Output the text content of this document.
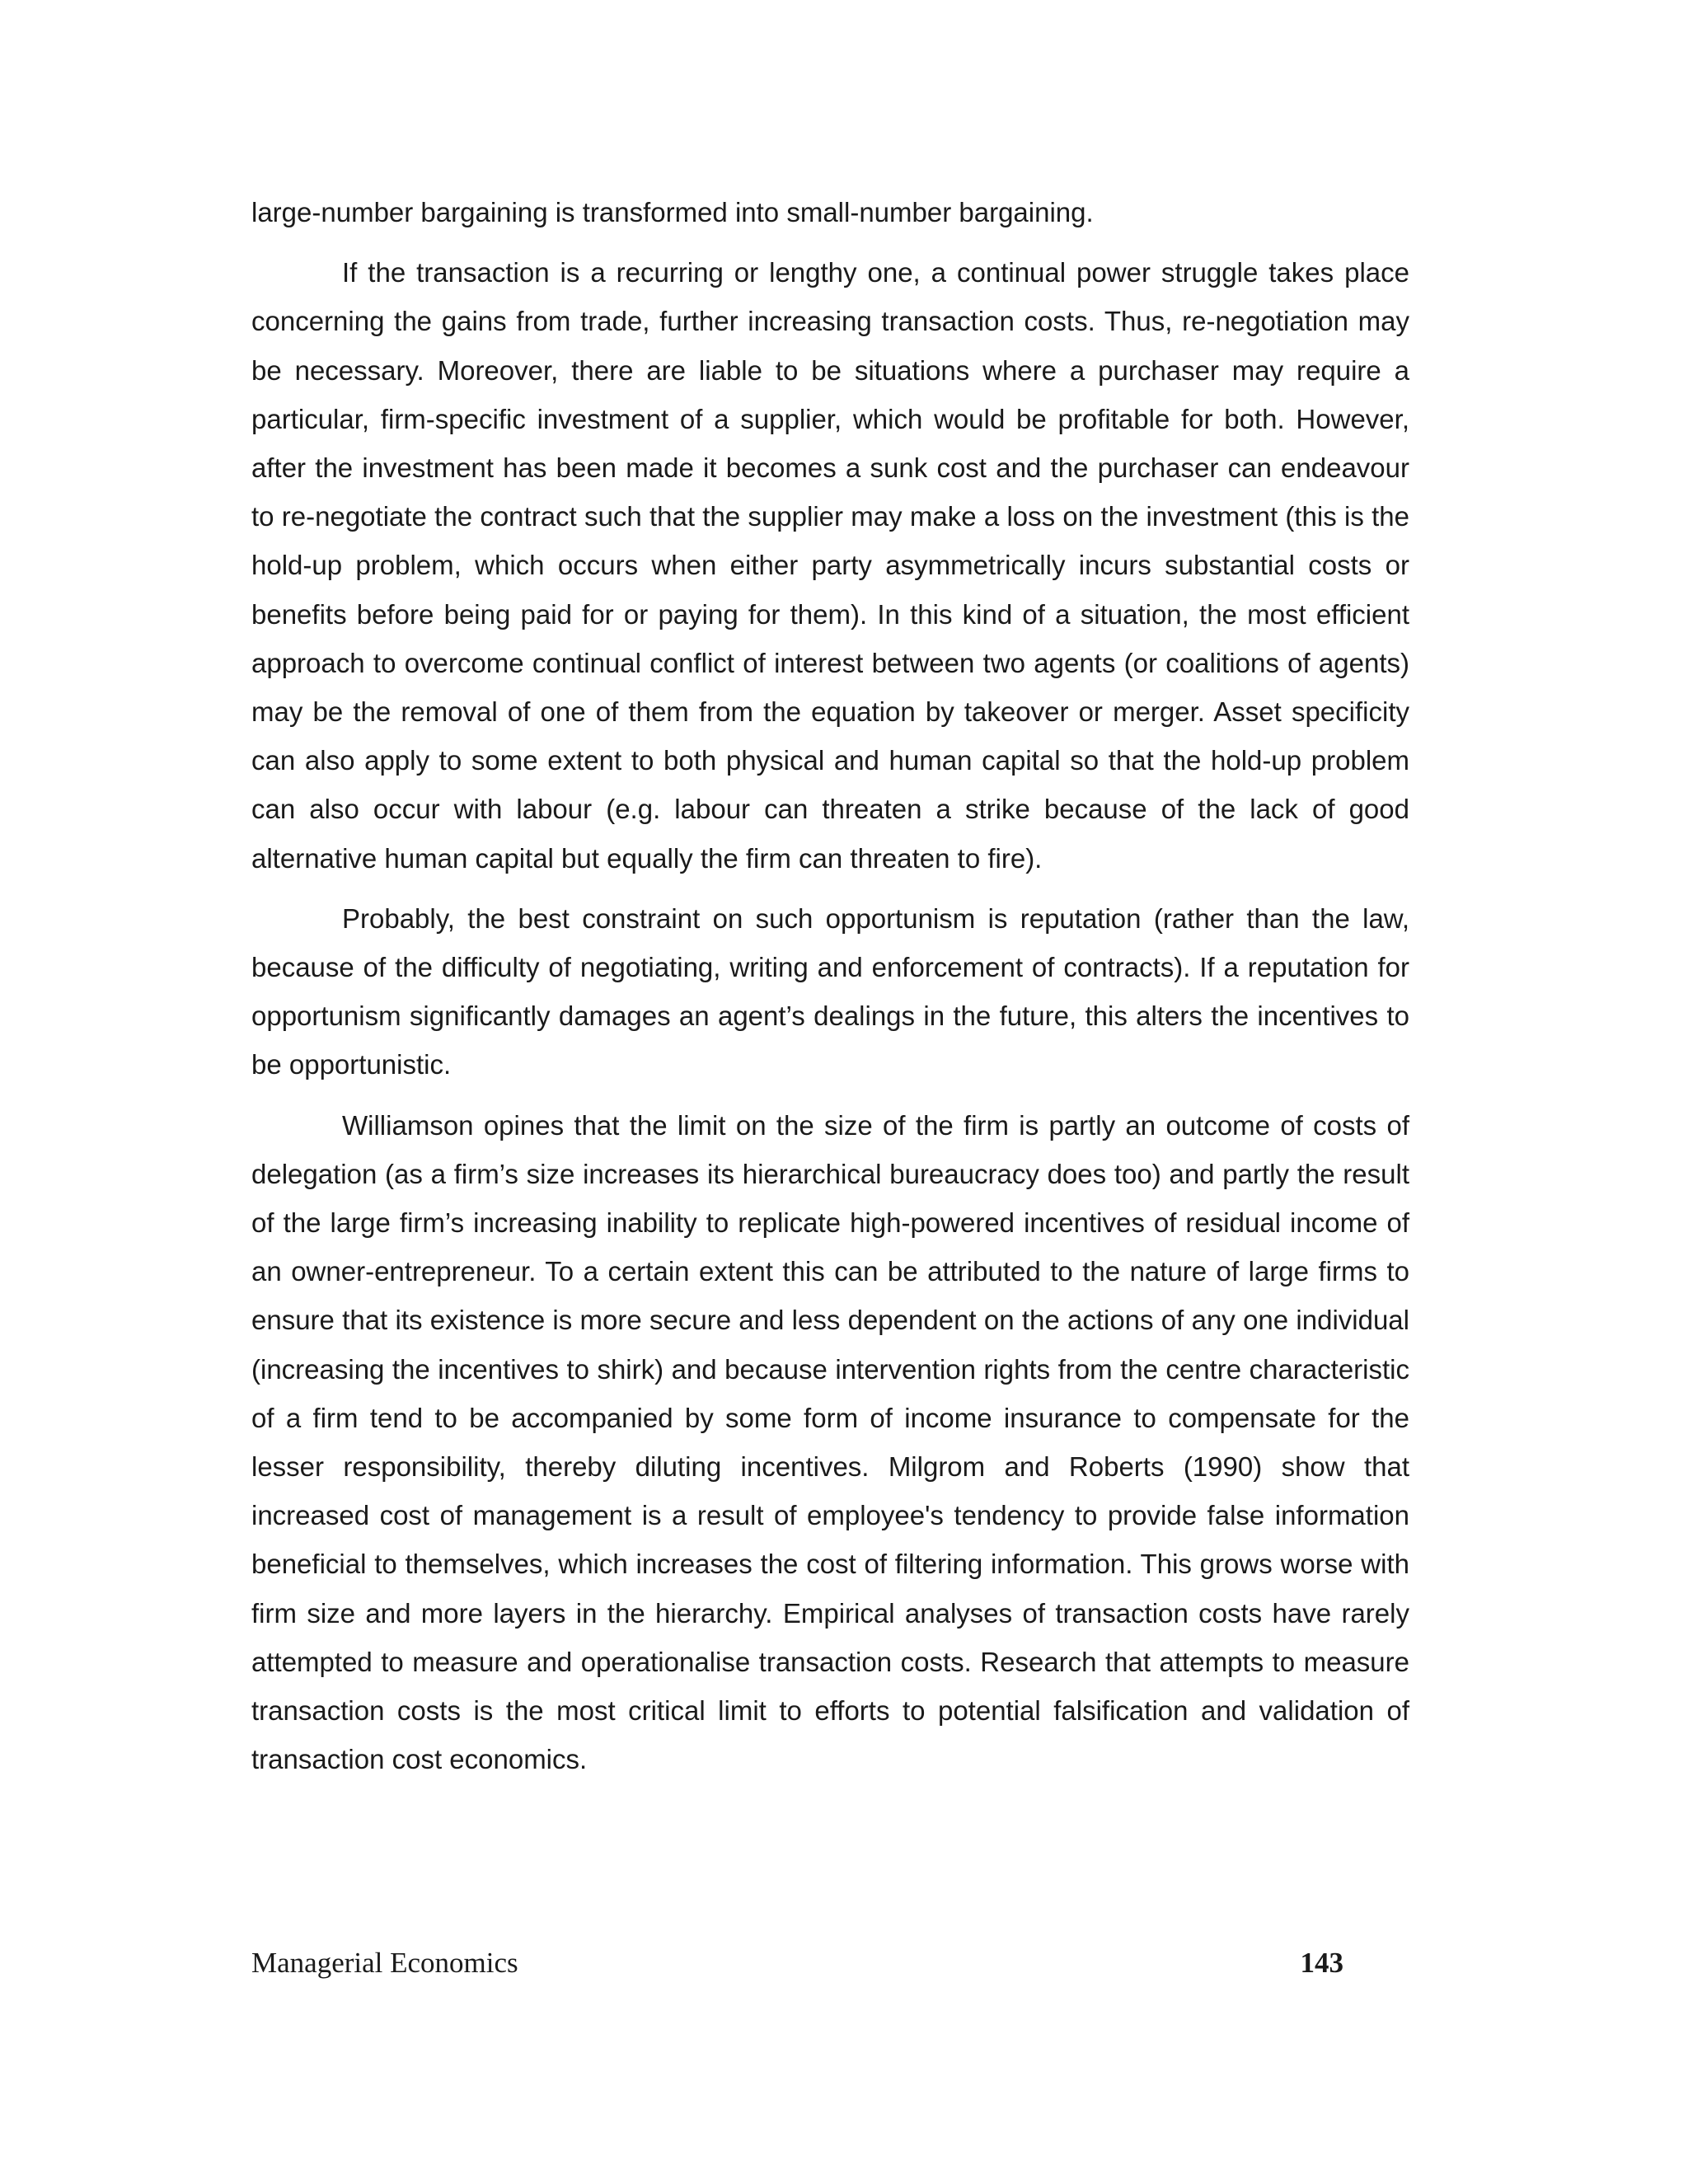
large-number bargaining is transformed into small-number bargaining.

If the transaction is a recurring or lengthy one, a continual power struggle takes place concerning the gains from trade, further increasing transaction costs. Thus, re-negotiation may be necessary. Moreover, there are liable to be situations where a purchaser may require a particular, firm-specific investment of a supplier, which would be profitable for both. However, after the investment has been made it becomes a sunk cost and the purchaser can endeavour to re-negotiate the contract such that the supplier may make a loss on the investment (this is the hold-up problem, which occurs when either party asymmetrically incurs substantial costs or benefits before being paid for or paying for them). In this kind of a situation, the most efficient approach to overcome continual conflict of interest between two agents (or coalitions of agents) may be the removal of one of them from the equation by takeover or merger. Asset specificity can also apply to some extent to both physical and human capital so that the hold-up problem can also occur with labour (e.g. labour can threaten a strike because of the lack of good alternative human capital but equally the firm can threaten to fire).

Probably, the best constraint on such opportunism is reputation (rather than the law, because of the difficulty of negotiating, writing and enforcement of contracts). If a reputation for opportunism significantly damages an agent’s dealings in the future, this alters the incentives to be opportunistic.

Williamson opines that the limit on the size of the firm is partly an outcome of costs of delegation (as a firm’s size increases its hierarchical bureaucracy does too) and partly the result of the large firm’s increasing inability to replicate high-powered incentives of residual income of an owner-entrepreneur. To a certain extent this can be attributed to the nature of large firms to ensure that its existence is more secure and less dependent on the actions of any one individual (increasing the incentives to shirk) and because intervention rights from the centre characteristic of a firm tend to be accompanied by some form of income insurance to compensate for the lesser responsibility, thereby diluting incentives. Milgrom and Roberts (1990) show that increased cost of management is a result of employee's tendency to provide false information beneficial to themselves, which increases the cost of filtering information. This grows worse with firm size and more layers in the hierarchy. Empirical analyses of transaction costs have rarely attempted to measure and operationalise transaction costs. Research that attempts to measure transaction costs is the most critical limit to efforts to potential falsification and validation of transaction cost economics.

Managerial Economics	143
